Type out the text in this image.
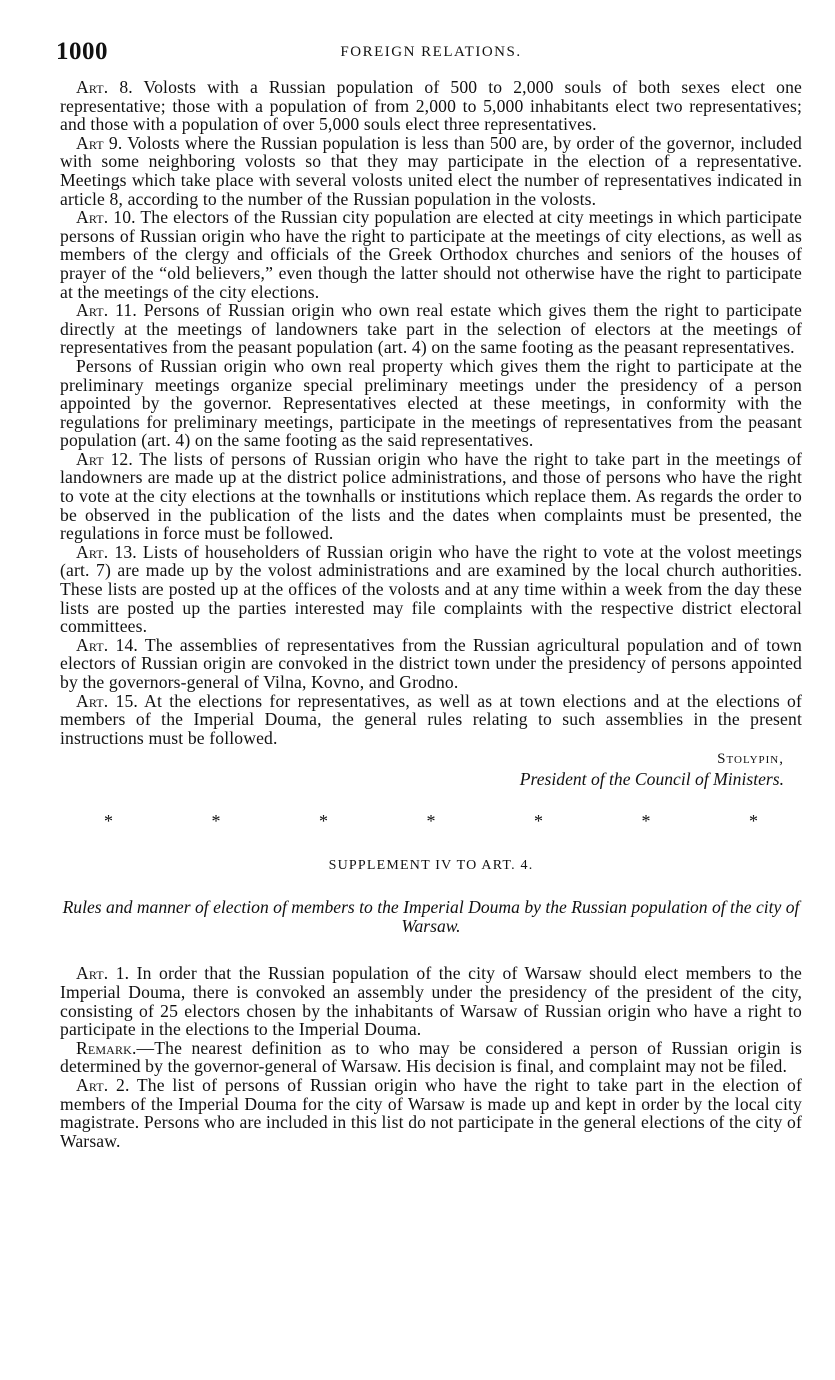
1000	FOREIGN RELATIONS.

Art. 8. Volosts with a Russian population of 500 to 2,000 souls of both sexes elect one representative; those with a population of from 2,000 to 5,000 inhabitants elect two representatives; and those with a population of over 5,000 souls elect three representatives.

Art 9. Volosts where the Russian population is less than 500 are, by order of the governor, included with some neighboring volosts so that they may participate in the election of a representative. Meetings which take place with several volosts united elect the number of representatives indicated in article 8, according to the number of the Russian population in the volosts.

Art. 10. The electors of the Russian city population are elected at city meetings in which participate persons of Russian origin who have the right to participate at the meetings of city elections, as well as members of the clergy and officials of the Greek Orthodox churches and seniors of the houses of prayer of the “old believers,” even though the latter should not otherwise have the right to participate at the meetings of the city elections.

Art. 11. Persons of Russian origin who own real estate which gives them the right to participate directly at the meetings of landowners take part in the selection of electors at the meetings of representatives from the peasant population (art. 4) on the same footing as the peasant representatives.

Persons of Russian origin who own real property which gives them the right to participate at the preliminary meetings organize special preliminary meetings under the presidency of a person appointed by the governor. Representatives elected at these meetings, in conformity with the regulations for preliminary meetings, participate in the meetings of representatives from the peasant population (art. 4) on the same footing as the said representatives.

Art 12. The lists of persons of Russian origin who have the right to take part in the meetings of landowners are made up at the district police administrations, and those of persons who have the right to vote at the city elections at the townhalls or institutions which replace them. As regards the order to be observed in the publication of the lists and the dates when complaints must be presented, the regulations in force must be followed.

Art. 13. Lists of householders of Russian origin who have the right to vote at the volost meetings (art. 7) are made up by the volost administrations and are examined by the local church authorities. These lists are posted up at the offices of the volosts and at any time within a week from the day these lists are posted up the parties interested may file complaints with the respective district electoral committees.

Art. 14. The assemblies of representatives from the Russian agricultural population and of town electors of Russian origin are convoked in the district town under the presidency of persons appointed by the governors-general of Vilna, Kovno, and Grodno.

Art. 15. At the elections for representatives, as well as at town elections and at the elections of members of the Imperial Douma, the general rules relating to such assemblies in the present instructions must be followed.

Stolypin,
President of the Council of Ministers.
*	*	*	*	*	*	*
SUPPLEMENT IV TO ART. 4.
Rules and manner of election of members to the Imperial Douma by the Russian population of the city of Warsaw.

Art. 1. In order that the Russian population of the city of Warsaw should elect members to the Imperial Douma, there is convoked an assembly under the presidency of the president of the city, consisting of 25 electors chosen by the inhabitants of Warsaw of Russian origin who have a right to participate in the elections to the Imperial Douma.

Remark.—The nearest definition as to who may be considered a person of Russian origin is determined by the governor-general of Warsaw. His decision is final, and complaint may not be filed.

Art. 2. The list of persons of Russian origin who have the right to take part in the election of members of the Imperial Douma for the city of Warsaw is made up and kept in order by the local city magistrate. Persons who are included in this list do not participate in the general elections of the city of Warsaw.
